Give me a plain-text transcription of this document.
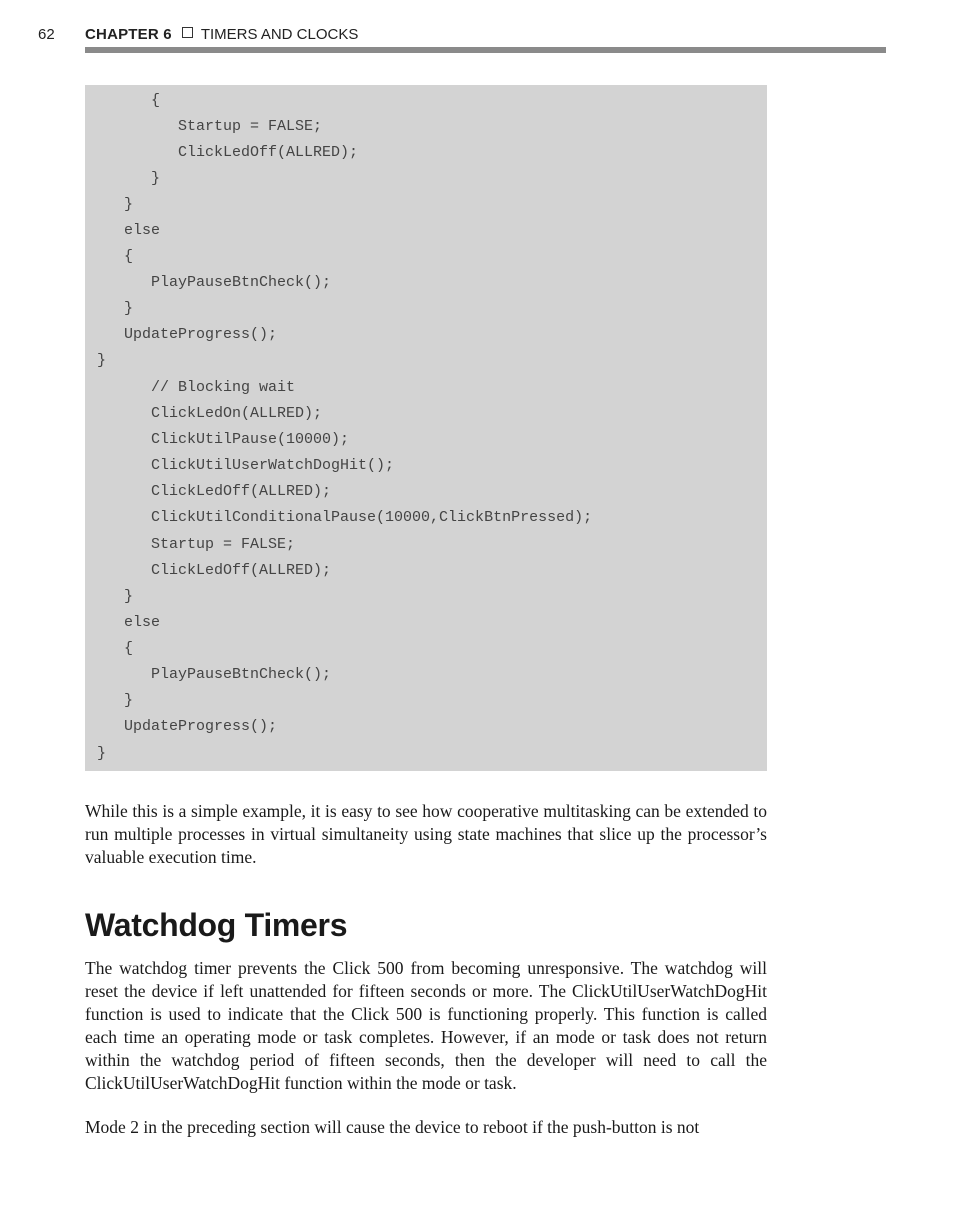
62 CHAPTER 6 TIMERS AND CLOCKS
{
Startup = FALSE;
ClickLedOff(ALLRED);
}
}
else
{
PlayPauseBtnCheck();
}
UpdateProgress();
}
// Blocking wait
ClickLedOn(ALLRED);
ClickUtilPause(10000);
ClickUtilUserWatchDogHit();
ClickLedOff(ALLRED);
ClickUtilConditionalPause(10000,ClickBtnPressed);
Startup = FALSE;
ClickLedOff(ALLRED);
}
else
{
PlayPauseBtnCheck();
}
UpdateProgress();
}

While this is a simple example, it is easy to see how cooperative multitasking can be extended to run multiple processes in virtual simultaneity using state machines that slice up the processor’s valuable execution time.

Watchdog Timers

The watchdog timer prevents the Click 500 from becoming unresponsive. The watchdog will reset the device if left unattended for fifteen seconds or more. The ClickUtilUserWatchDogHit function is used to indicate that the Click 500 is functioning properly. This function is called each time an operating mode or task completes. However, if an mode or task does not return within the watchdog period of fifteen seconds, then the developer will need to call the ClickUtilUserWatchDogHit function within the mode or task.

Mode 2 in the preceding section will cause the device to reboot if the push-button is not
